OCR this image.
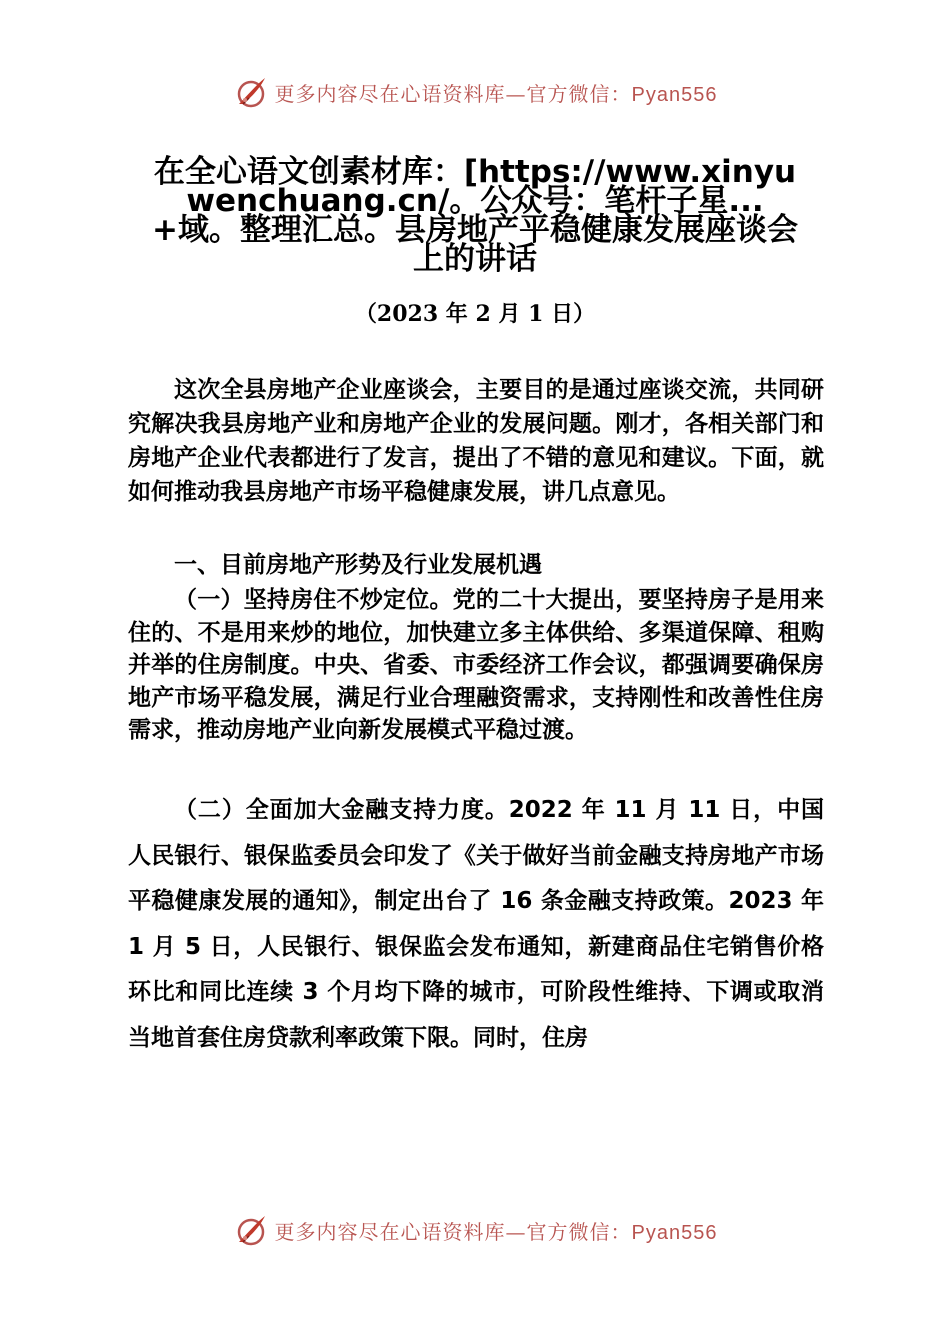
更多内容尽在心语资料库—官方微信：Pyan556
在全心语文创素材库：[https://www.xinyuwenchuang.cn/。公众号：笔杆子星...+域。整理汇总。县房地产平稳健康发展座谈会上的讲话
（2023 年 2 月 1 日）

这次全县房地产企业座谈会，主要目的是通过座谈交流，共同研究解决我县房地产业和房地产企业的发展问题。刚才，各相关部门和房地产企业代表都进行了发言，提出了不错的意见和建议。下面，就如何推动我县房地产市场平稳健康发展，讲几点意见。

一、目前房地产形势及行业发展机遇

（一）坚持房住不炒定位。党的二十大提出，要坚持房子是用来住的、不是用来炒的地位，加快建立多主体供给、多渠道保障、租购并举的住房制度。中央、省委、市委经济工作会议，都强调要确保房地产市场平稳发展，满足行业合理融资需求，支持刚性和改善性住房需求，推动房地产业向新发展模式平稳过渡。

（二）全面加大金融支持力度。2022 年 11 月 11 日，中国人民银行、银保监委员会印发了《关于做好当前金融支持房地产市场平稳健康发展的通知》，制定出台了 16 条金融支持政策。2023 年 1 月 5 日，人民银行、银保监会发布通知，新建商品住宅销售价格环比和同比连续 3 个月均下降的城市，可阶段性维持、下调或取消当地首套住房贷款利率政策下限。同时，住房

更多内容尽在心语资料库—官方微信：Pyan556
